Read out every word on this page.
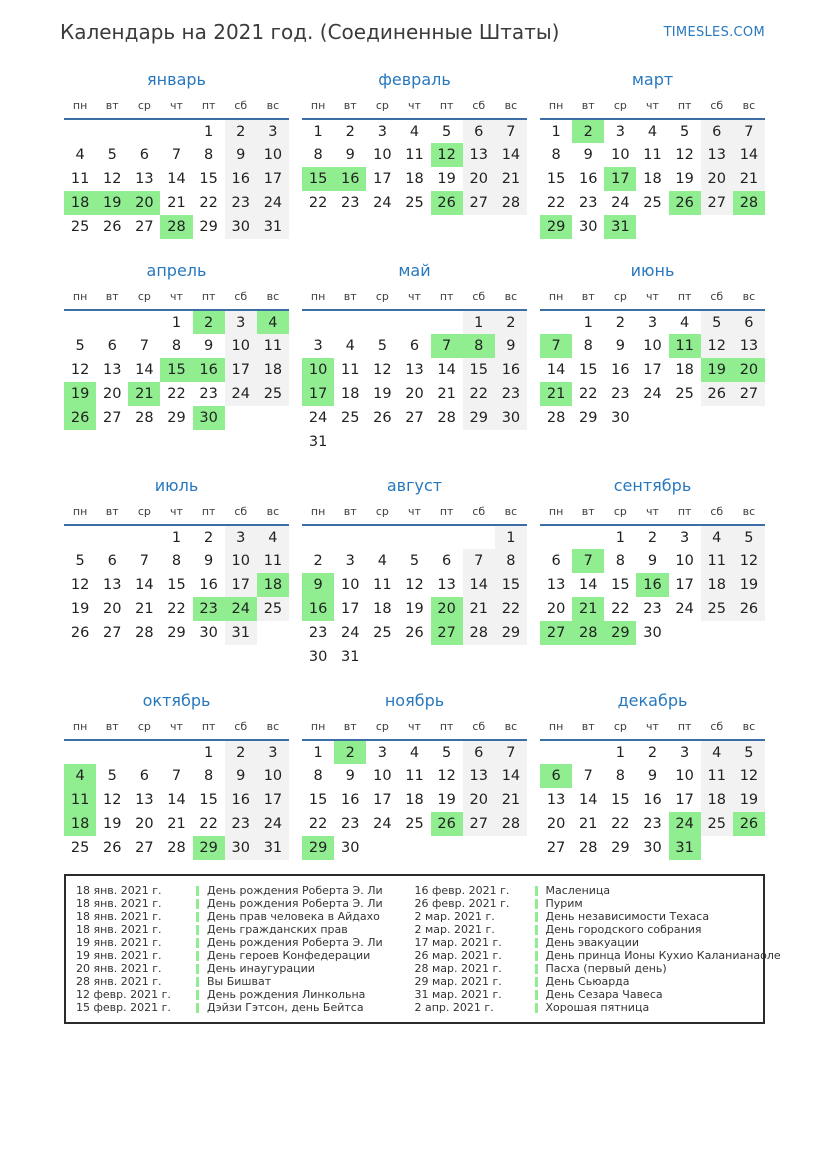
Календарь на 2021 год. (Соединенные Штаты)	TIMESLES.COM
январь
пн	вт	ср	чт	пт	сб	вс
				1	2	3
4	5	6	7	8	9	10
11	12	13	14	15	16	17
18	19	20	21	22	23	24
25	26	27	28	29	30	31
февраль
пн	вт	ср	чт	пт	сб	вс
1	2	3	4	5	6	7
8	9	10	11	12	13	14
15	16	17	18	19	20	21
22	23	24	25	26	27	28
март
пн	вт	ср	чт	пт	сб	вс
1	2	3	4	5	6	7
8	9	10	11	12	13	14
15	16	17	18	19	20	21
22	23	24	25	26	27	28
29	30	31				
апрель
пн	вт	ср	чт	пт	сб	вс
			1	2	3	4
5	6	7	8	9	10	11
12	13	14	15	16	17	18
19	20	21	22	23	24	25
26	27	28	29	30		
май
пн	вт	ср	чт	пт	сб	вс
					1	2
3	4	5	6	7	8	9
10	11	12	13	14	15	16
17	18	19	20	21	22	23
24	25	26	27	28	29	30
31						
июнь
пн	вт	ср	чт	пт	сб	вс
	1	2	3	4	5	6
7	8	9	10	11	12	13
14	15	16	17	18	19	20
21	22	23	24	25	26	27
28	29	30				
июль
пн	вт	ср	чт	пт	сб	вс
			1	2	3	4
5	6	7	8	9	10	11
12	13	14	15	16	17	18
19	20	21	22	23	24	25
26	27	28	29	30	31	
август
пн	вт	ср	чт	пт	сб	вс
						1
2	3	4	5	6	7	8
9	10	11	12	13	14	15
16	17	18	19	20	21	22
23	24	25	26	27	28	29
30	31					
сентябрь
пн	вт	ср	чт	пт	сб	вс
		1	2	3	4	5
6	7	8	9	10	11	12
13	14	15	16	17	18	19
20	21	22	23	24	25	26
27	28	29	30			
октябрь
пн	вт	ср	чт	пт	сб	вс
				1	2	3
4	5	6	7	8	9	10
11	12	13	14	15	16	17
18	19	20	21	22	23	24
25	26	27	28	29	30	31
ноябрь
пн	вт	ср	чт	пт	сб	вс
1	2	3	4	5	6	7
8	9	10	11	12	13	14
15	16	17	18	19	20	21
22	23	24	25	26	27	28
29	30					
декабрь
пн	вт	ср	чт	пт	сб	вс
		1	2	3	4	5
6	7	8	9	10	11	12
13	14	15	16	17	18	19
20	21	22	23	24	25	26
27	28	29	30	31		
18 янв. 2021 г.	День рождения Роберта Э. Ли
18 янв. 2021 г.	День рождения Роберта Э. Ли
18 янв. 2021 г.	День прав человека в Айдахо
18 янв. 2021 г.	День гражданских прав
19 янв. 2021 г.	День рождения Роберта Э. Ли
19 янв. 2021 г.	День героев Конфедерации
20 янв. 2021 г.	День инаугурации
28 янв. 2021 г.	Вы Бишват
12 февр. 2021 г.	День рождения Линкольна
15 февр. 2021 г.	Дэйзи Гэтсон, день Бейтса
16 февр. 2021 г.	Масленица
26 февр. 2021 г.	Пурим
2 мар. 2021 г.	День независимости Техаса
2 мар. 2021 г.	День городского собрания
17 мар. 2021 г.	День эвакуации
26 мар. 2021 г.	День принца Ионы Кухио Каланианаоле
28 мар. 2021 г.	Пасха (первый день)
29 мар. 2021 г.	День Сьюарда
31 мар. 2021 г.	День Сезара Чавеса
2 апр. 2021 г.	Хорошая пятница
